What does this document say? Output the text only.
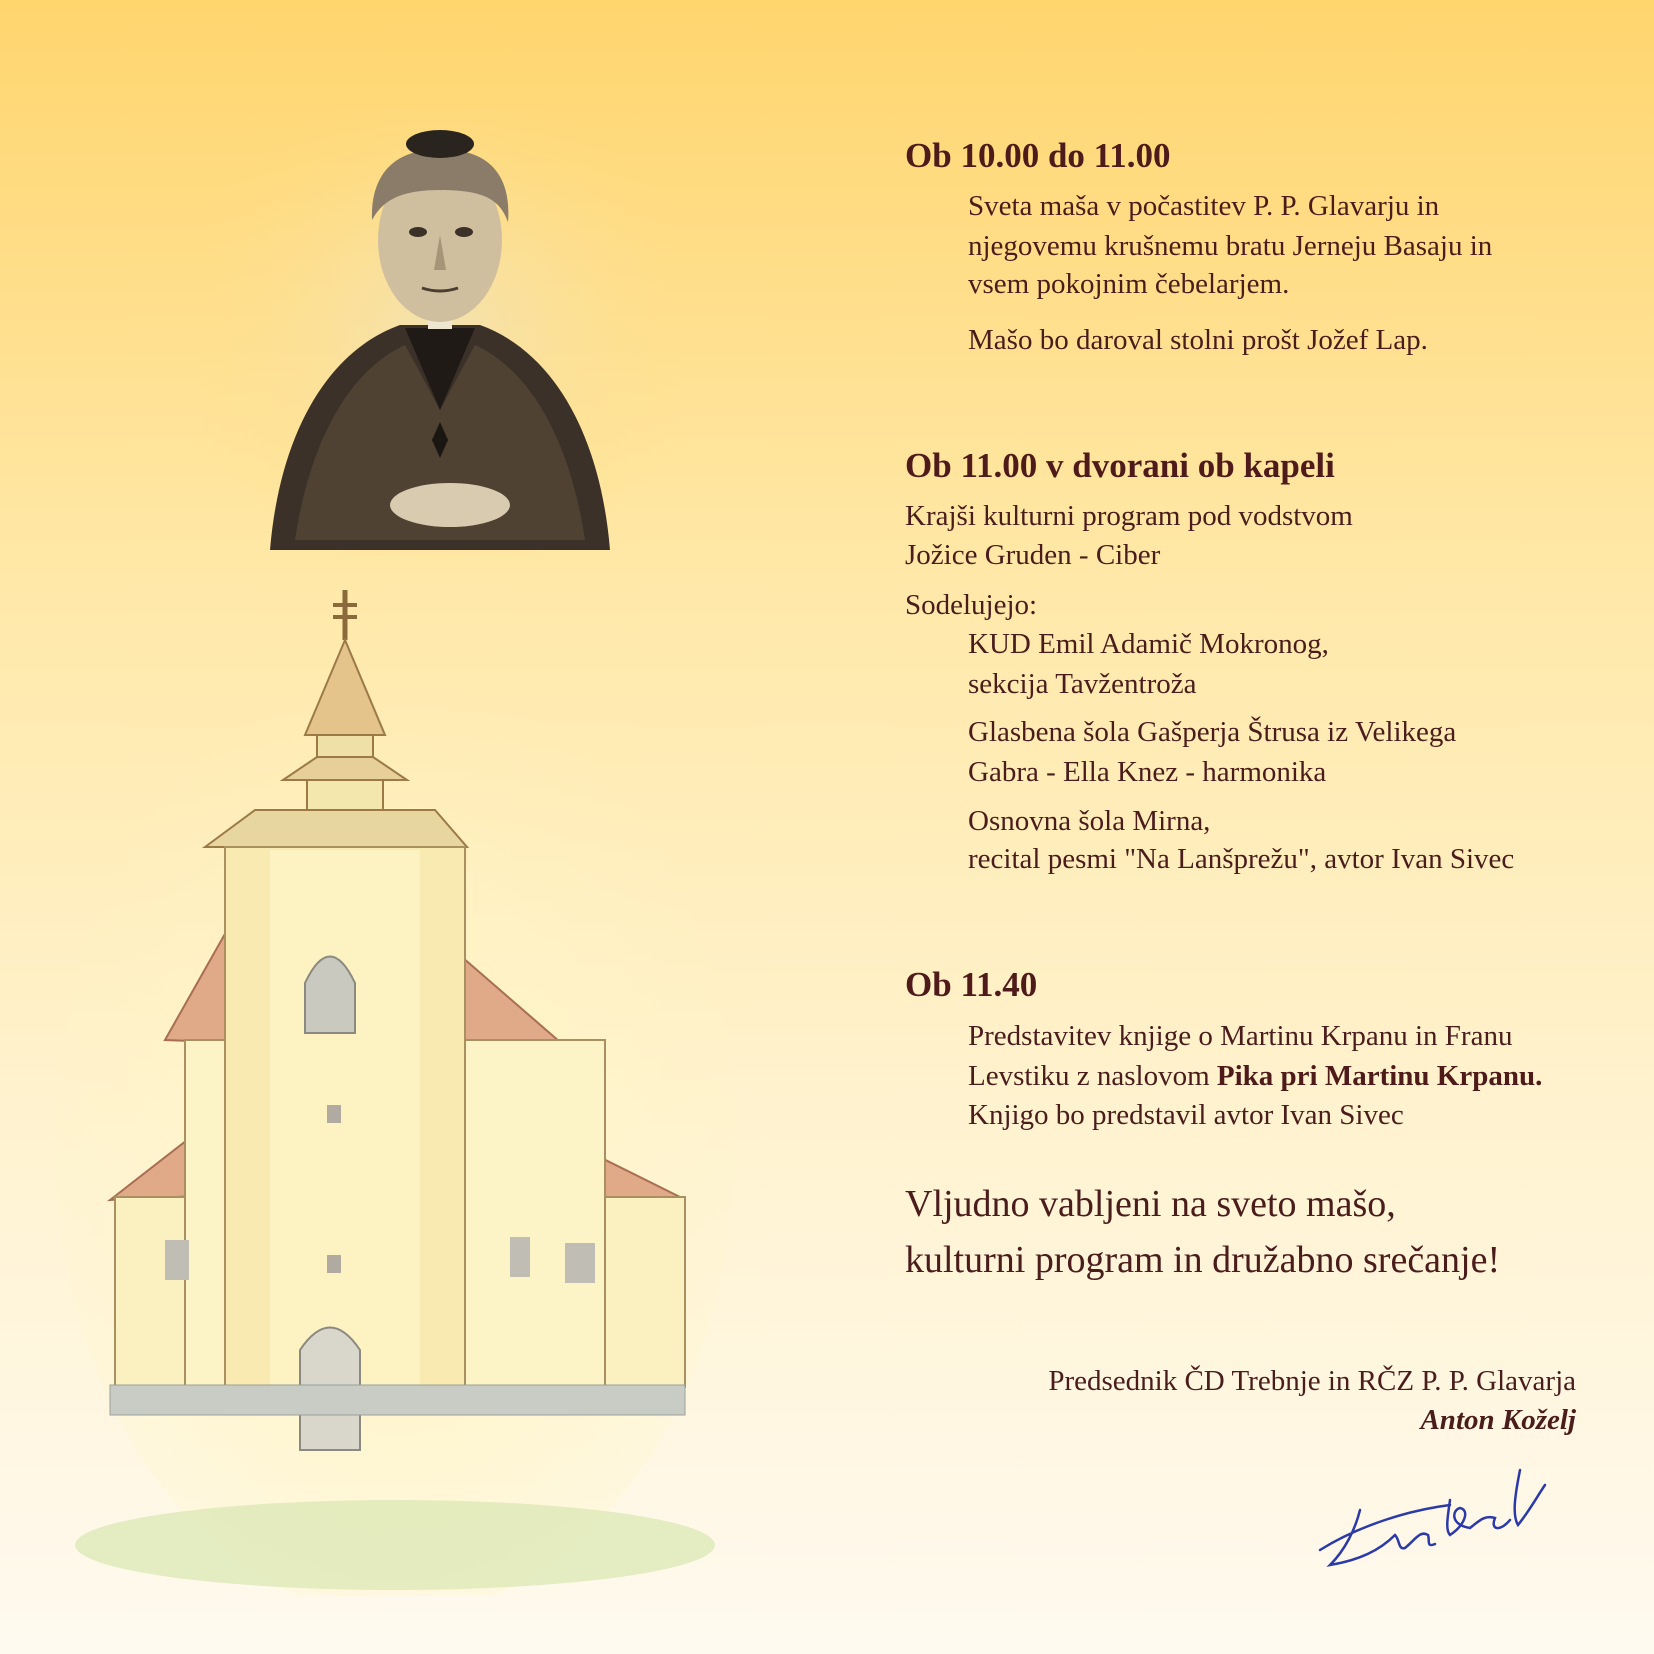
Ob 10.00 do 11.00

Sveta maša v počastitev P. P. Glavarju in

njegovemu krušnemu bratu Jerneju Basaju in

vsem pokojnim čebelarjem.

Mašo bo daroval stolni prošt Jožef Lap.

Ob 11.00 v dvorani ob kapeli

Krajši kulturni program pod vodstvom

Jožice Gruden - Ciber

Sodelujejo:

KUD Emil Adamič Mokronog,

sekcija Tavžentroža

Glasbena šola Gašperja Štrusa iz Velikega

Gabra - Ella Knez - harmonika

Osnovna šola Mirna,

recital pesmi "Na Lanšprežu", avtor Ivan Sivec

Ob 11.40

Predstavitev knjige o Martinu Krpanu in Franu

Levstiku z naslovom Pika pri Martinu Krpanu.

Knjigo bo predstavil avtor Ivan Sivec

Vljudno vabljeni na sveto mašo,
kulturni program in družabno srečanje!
Predsednik ČD Trebnje in RČZ P. P. Glavarja
Anton Koželj
